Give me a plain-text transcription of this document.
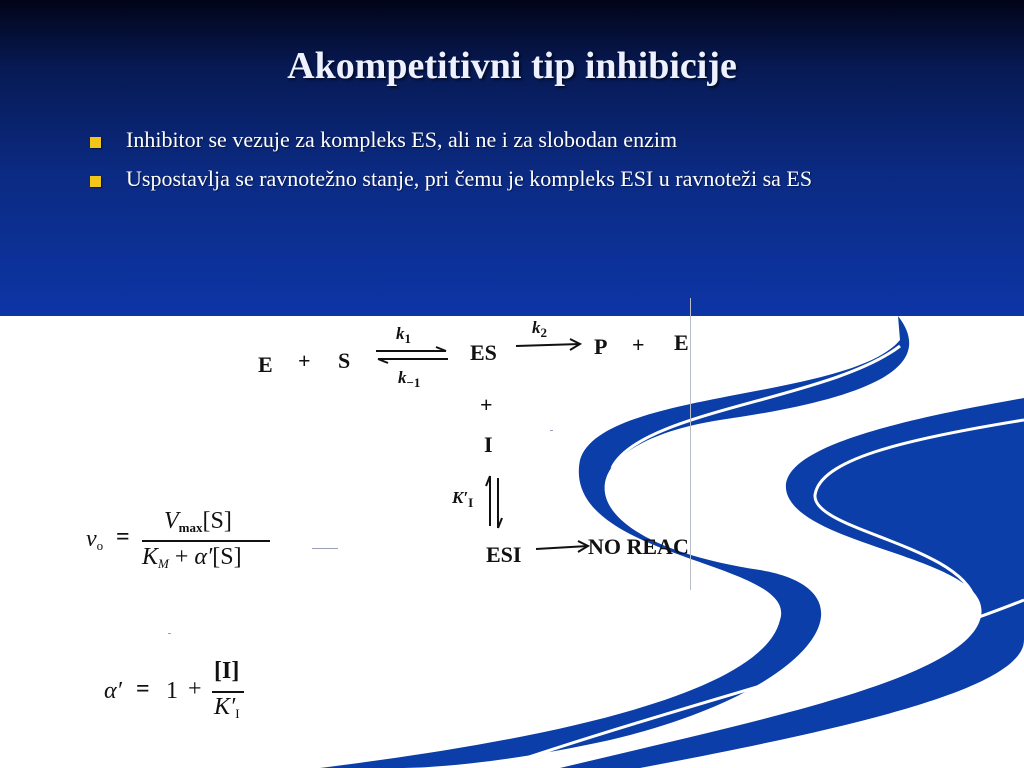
Akompetitivni tip inhibicije
Inhibitor se vezuje za kompleks ES, ali ne i za slobodan enzim
Uspostavlja se ravnotežno stanje, pri čemu je kompleks ESI u ravnoteži sa ES
E + S
$k_1$
$k_{-1}$
ES
$k_2$
P + E
+
I
$K'_I$
ESI	NO REAC
$v_o$ =
$V_{max}[S]$
$K_M + \alpha'[S]$
α′ = 1 +
[I]
$K'_I$
